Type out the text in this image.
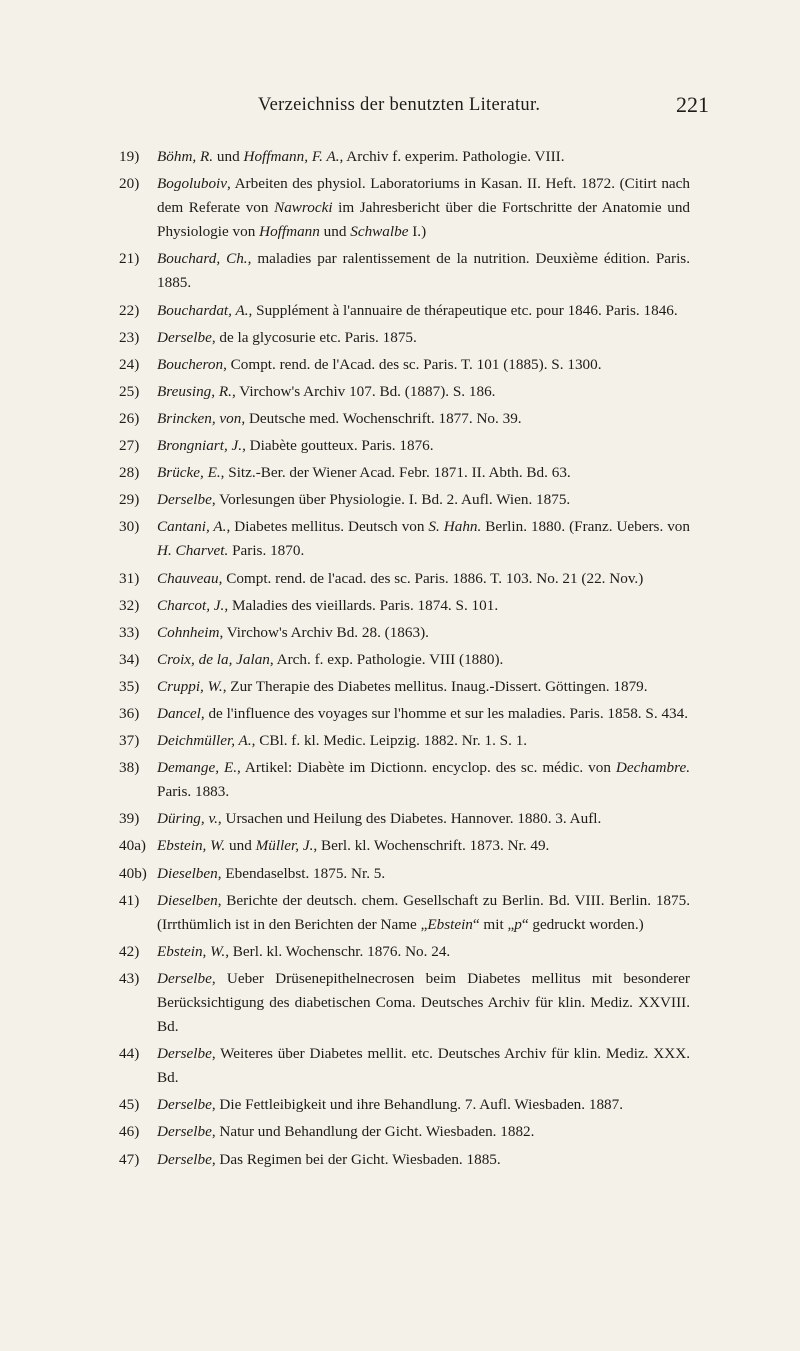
Verzeichniss der benutzten Literatur.	221

19) Böhm, R. und Hoffmann, F. A., Archiv f. experim. Pathologie. VIII.

20) Bogoluboiv, Arbeiten des physiol. Laboratoriums in Kasan. II. Heft. 1872. (Citirt nach dem Referate von Nawrocki im Jahresbericht über die Fortschritte der Anatomie und Physiologie von Hoffmann und Schwalbe I.)

21) Bouchard, Ch., maladies par ralentissement de la nutrition. Deuxième édition. Paris. 1885.

22) Bouchardat, A., Supplément à l'annuaire de thérapeutique etc. pour 1846. Paris. 1846.

23) Derselbe, de la glycosurie etc. Paris. 1875.

24) Boucheron, Compt. rend. de l'Acad. des sc. Paris. T. 101 (1885). S. 1300.

25) Breusing, R., Virchow's Archiv 107. Bd. (1887). S. 186.

26) Brincken, von, Deutsche med. Wochenschrift. 1877. No. 39.

27) Brongniart, J., Diabète goutteux. Paris. 1876.

28) Brücke, E., Sitz.-Ber. der Wiener Acad. Febr. 1871. II. Abth. Bd. 63.

29) Derselbe, Vorlesungen über Physiologie. I. Bd. 2. Aufl. Wien. 1875.

30) Cantani, A., Diabetes mellitus. Deutsch von S. Hahn. Berlin. 1880. (Franz. Uebers. von H. Charvet. Paris. 1870.

31) Chauveau, Compt. rend. de l'acad. des sc. Paris. 1886. T. 103. No. 21 (22. Nov.)

32) Charcot, J., Maladies des vieillards. Paris. 1874. S. 101.

33) Cohnheim, Virchow's Archiv Bd. 28. (1863).

34) Croix, de la, Jalan, Arch. f. exp. Pathologie. VIII (1880).

35) Cruppi, W., Zur Therapie des Diabetes mellitus. Inaug.-Dissert. Göttingen. 1879.

36) Dancel, de l'influence des voyages sur l'homme et sur les maladies. Paris. 1858. S. 434.

37) Deichmüller, A., CBl. f. kl. Medic. Leipzig. 1882. Nr. 1. S. 1.

38) Demange, E., Artikel: Diabète im Dictionn. encyclop. des sc. médic. von Dechambre. Paris. 1883.

39) Düring, v., Ursachen und Heilung des Diabetes. Hannover. 1880. 3. Aufl.

40a) Ebstein, W. und Müller, J., Berl. kl. Wochenschrift. 1873. Nr. 49.

40b) Dieselben, Ebendaselbst. 1875. Nr. 5.

41) Dieselben, Berichte der deutsch. chem. Gesellschaft zu Berlin. Bd. VIII. Berlin. 1875. (Irrthümlich ist in den Berichten der Name „Ebstein“ mit „p“ gedruckt worden.)

42) Ebstein, W., Berl. kl. Wochenschr. 1876. No. 24.

43) Derselbe, Ueber Drüsenepithelnecrosen beim Diabetes mellitus mit besonderer Berücksichtigung des diabetischen Coma. Deutsches Archiv für klin. Mediz. XXVIII. Bd.

44) Derselbe, Weiteres über Diabetes mellit. etc. Deutsches Archiv für klin. Mediz. XXX. Bd.

45) Derselbe, Die Fettleibigkeit und ihre Behandlung. 7. Aufl. Wiesbaden. 1887.

46) Derselbe, Natur und Behandlung der Gicht. Wiesbaden. 1882.

47) Derselbe, Das Regimen bei der Gicht. Wiesbaden. 1885.
